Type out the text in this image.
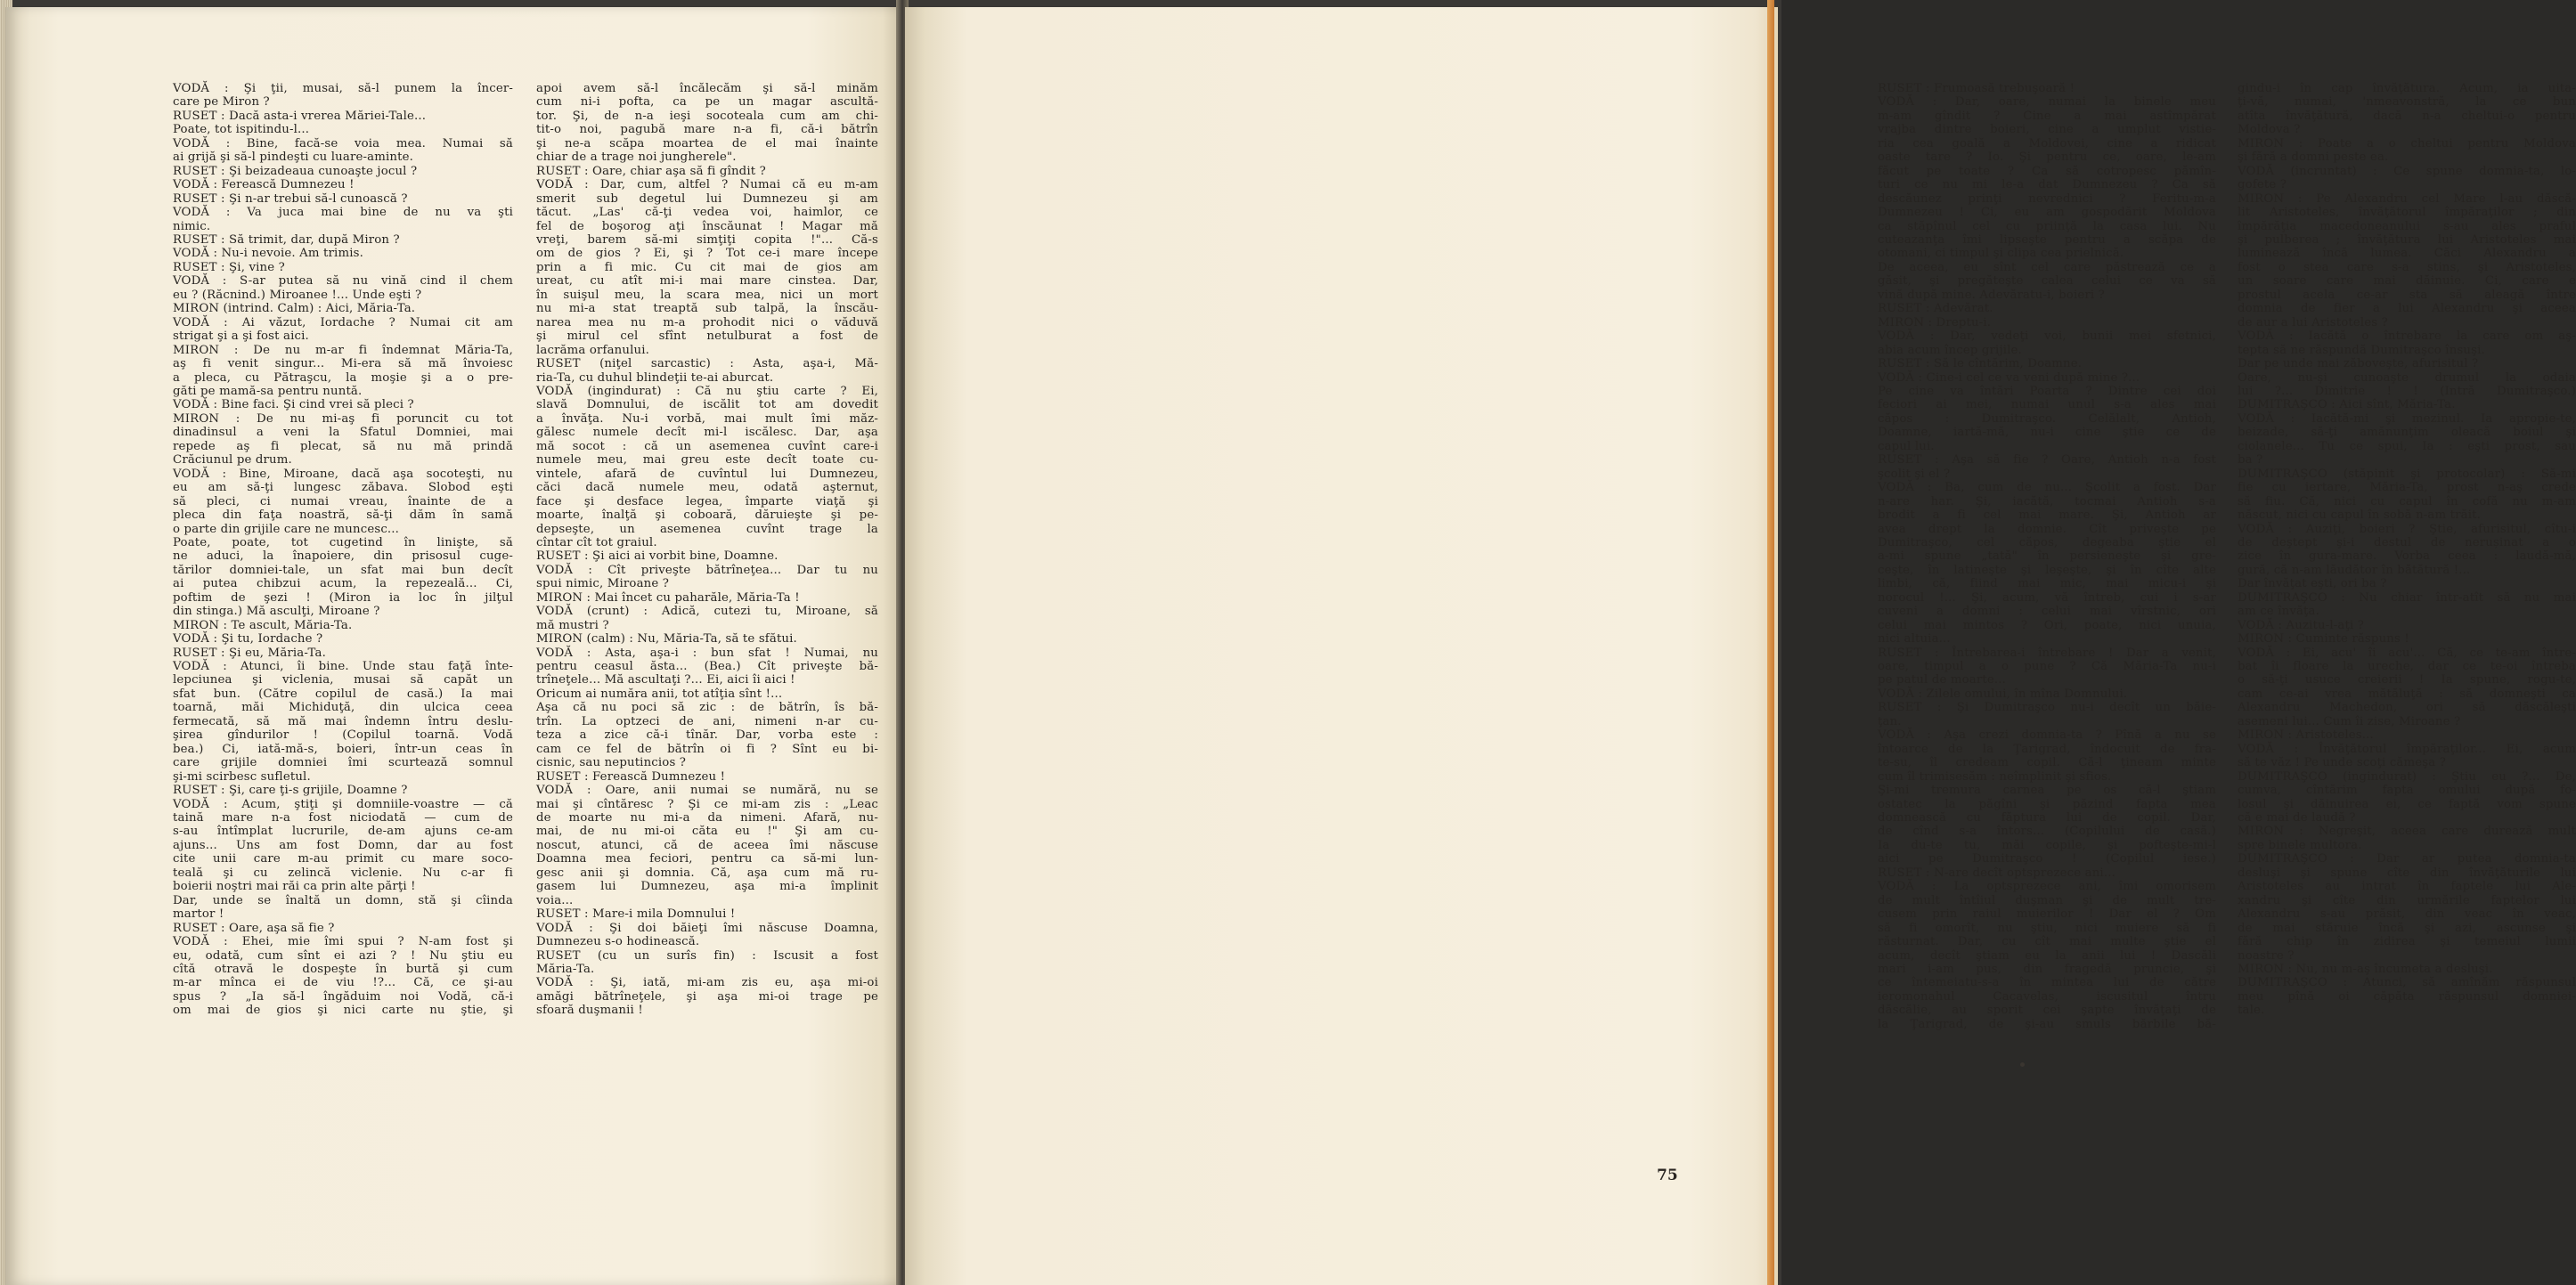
VODĂ : Şi ţii, musai, să-l punem la încer-

care pe Miron ?

RUSET : Dacă asta-i vrerea Măriei-Tale...

Poate, tot ispitindu-l...

VODĂ : Bine, facă-se voia mea. Numai să

ai grijă şi să-l pindeşti cu luare-aminte.

RUSET : Şi beizadeaua cunoaşte jocul ?

VODĂ : Ferească Dumnezeu !

RUSET : Şi n-ar trebui să-l cunoască ?

VODĂ : Va juca mai bine de nu va şti

nimic.

RUSET : Să trimit, dar, după Miron ?

VODĂ : Nu-i nevoie. Am trimis.

RUSET : Şi, vine ?

VODĂ : S-ar putea să nu vină cind il chem

eu ? (Răcnind.) Miroanee !... Unde eşti ?

MIRON (intrind. Calm) : Aici, Măria-Ta.

VODĂ : Ai văzut, Iordache ? Numai cit am

strigat şi a şi fost aici.

MIRON : De nu m-ar fi îndemnat Măria-Ta,

aş fi venit singur... Mi-era să mă învoiesc

a pleca, cu Pătraşcu, la moşie şi a o pre-

găti pe mamă-sa pentru nuntă.

VODĂ : Bine faci. Şi cind vrei să pleci ?

MIRON : De nu mi-aş fi poruncit cu tot

dinadinsul a veni la Sfatul Domniei, mai

repede aş fi plecat, să nu mă prindă

Crăciunul pe drum.

VODĂ : Bine, Miroane, dacă aşa socoteşti, nu

eu am să-ţi lungesc zăbava. Slobod eşti

să pleci, ci numai vreau, înainte de a

pleca din faţa noastră, să-ţi dăm în samă

o parte din grijile care ne muncesc...

Poate, poate, tot cugetind în linişte, să

ne aduci, la înapoiere, din prisosul cuge-

tărilor domniei-tale, un sfat mai bun decît

ai putea chibzui acum, la repezeală... Ci,

poftim de şezi ! (Miron ia loc în jilţul

din stinga.) Mă asculţi, Miroane ?

MIRON : Te ascult, Măria-Ta.

VODĂ : Şi tu, Iordache ?

RUSET : Şi eu, Măria-Ta.

VODĂ : Atunci, îi bine. Unde stau faţă înte-

lepciunea şi viclenia, musai să capăt un

sfat bun. (Către copilul de casă.) Ia mai

toarnă, măi Michiduţă, din ulcica ceea

fermecată, să mă mai îndemn întru deslu-

şirea gîndurilor ! (Copilul toarnă. Vodă

bea.) Ci, iată-mă-s, boieri, într-un ceas în

care grijile domniei îmi scurtează somnul

şi-mi scirbesc sufletul.

RUSET : Şi, care ţi-s grijile, Doamne ?

VODĂ : Acum, ştiţi şi domniile-voastre — că

taină mare n-a fost niciodată — cum de

s-au întîmplat lucrurile, de-am ajuns ce-am

ajuns... Uns am fost Domn, dar au fost

cite unii care m-au primit cu mare soco-

teală şi cu zelincă viclenie. Nu c-ar fi

boierii noştri mai răi ca prin alte părţi !

Dar, unde se înaltă un domn, stă şi cîinda

martor !

RUSET : Oare, aşa să fie ?

VODĂ : Ehei, mie îmi spui ? N-am fost şi

eu, odată, cum sînt ei azi ? ! Nu ştiu eu

cîtă otravă le dospeşte în burtă şi cum

m-ar mînca ei de viu !?... Că, ce şi-au

spus ? „Ia să-l îngăduim noi Vodă, că-i

om mai de gios şi nici carte nu ştie, şi

apoi avem să-l încălecăm şi să-l minăm

cum ni-i pofta, ca pe un magar ascultă-

tor. Şi, de n-a ieşi socoteala cum am chi-

tit-o noi, pagubă mare n-a fi, că-i bătrîn

şi ne-a scăpa moartea de el mai înainte

chiar de a trage noi jungherele".

RUSET : Oare, chiar aşa să fi gîndit ?

VODĂ : Dar, cum, altfel ? Numai că eu m-am

smerit sub degetul lui Dumnezeu şi am

tăcut. „Las' că-ţi vedea voi, haimlor, ce

fel de boşorog aţi înscăunat ! Magar mă

vreţi, barem să-mi simţiţi copita !"... Că-s

om de gios ? Ei, şi ? Tot ce-i mare începe

prin a fi mic. Cu cit mai de gios am

ureat, cu atît mi-i mai mare cinstea. Dar,

în suişul meu, la scara mea, nici un mort

nu mi-a stat treaptă sub talpă, la înscău-

narea mea nu m-a prohodit nici o văduvă

şi mirul cel sfînt netulburat a fost de

lacrăma orfanului.

RUSET (niţel sarcastic) : Asta, aşa-i, Mă-

ria-Ta, cu duhul blindeţii te-ai aburcat.

VODĂ (ingindurat) : Că nu ştiu carte ? Ei,

slavă Domnului, de iscălit tot am dovedit

a învăţa. Nu-i vorbă, mai mult îmi măz-

gălesc numele decît mi-l iscălesc. Dar, aşa

mă socot : că un asemenea cuvînt care-i

numele meu, mai greu este decît toate cu-

vintele, afară de cuvîntul lui Dumnezeu,

căci dacă numele meu, odată aşternut,

face şi desface legea, împarte viaţă şi

moarte, înalţă şi coboară, dăruieşte şi pe-

depseşte, un asemenea cuvînt trage la

cîntar cît tot graiul.

RUSET : Şi aici ai vorbit bine, Doamne.

VODĂ : Cît priveşte bătrîneţea... Dar tu nu

spui nimic, Miroane ?

MIRON : Mai încet cu paharăle, Măria-Ta !

VODĂ (crunt) : Adică, cutezi tu, Miroane, să

mă mustri ?

MIRON (calm) : Nu, Măria-Ta, să te sfătui.

VODĂ : Asta, aşa-i : bun sfat ! Numai, nu

pentru ceasul ăsta... (Bea.) Cît priveşte bă-

trîneţele... Mă ascultaţi ?... Ei, aici îi aici !

Oricum ai număra anii, tot atîţia sînt !...

Aşa că nu poci să zic : de bătrîn, îs bă-

trîn. La optzeci de ani, nimeni n-ar cu-

teza a zice că-i tînăr. Dar, vorba este :

cam ce fel de bătrîn oi fi ? Sînt eu bi-

cisnic, sau neputincios ?

RUSET : Ferească Dumnezeu !

VODĂ : Oare, anii numai se numără, nu se

mai şi cîntăresc ? Şi ce mi-am zis : „Leac

de moarte nu mi-a da nimeni. Afară, nu-

mai, de nu mi-oi căta eu !" Şi am cu-

noscut, atunci, că de aceea îmi născuse

Doamna mea feciori, pentru ca să-mi lun-

gesc anii şi domnia. Că, aşa cum mă ru-

gasem lui Dumnezeu, aşa mi-a împlinit

voia...

RUSET : Mare-i mila Domnului !

VODĂ : Şi doi băieţi îmi născuse Doamna,

Dumnezeu s-o hodinească.

RUSET (cu un surîs fin) : Iscusit a fost

Măria-Ta.

VODĂ : Şi, iată, mi-am zis eu, aşa mi-oi

amăgi bătrîneţele, şi aşa mi-oi trage pe

sfoară duşmanii !

RUSET : Frumoasă trebuşoară !

VODĂ : Dar, oare, numai la binele meu

m-am gîndit ? Cine a mai astîmpărat

vrajba dintre boieri, cine a umplut vistie-

ria cea goală a Moldovei, cine a ridicat

oaste tare ? Io. Şi pentru ce, oare, le-am

făcut pe toate ? Ca să cotropesc pămîn-

turi ce nu mi le-a dat Dumnezeu ? Ca să

descăunez prinţi nevrednici ? Feritu-m-a

Dumnezeu ! Ci, eu am gospodărit Moldova

ca stăpînul cel cu priinţă la casa lui. Nu

cuteazanţa îmi lipseşte pentru a scăpa de

otomani, ci timpul şi clipa cea prielnică.

De aceea, eu sînt cel care păstrează ce a

găsit, şi pregăteşte calea celui ce va să

vină după mine. Adevăratu-i, boieri ?

RUSET : Adevărat.

MIRON : Dreptu-i.

VODĂ : Dar, vedeţi voi, bunii mei sfetnici,

abia acum încep grijile.

RUSET : Să le cîntărim, Doamne.

VODĂ : Cine-i cel ce va veni după mine ?...

Pe cine va întări Poarta ? Dintre cei doi

feciori ai mei, numai unul s-a ales mai

căpos : Dumitraşco. Celălalt, Antioh,

Doamne, iartă-mă, nu-i cine ştie ce de

capul lui.

RUSET : Aşa să fie ? Oare, Antioh n-a fost

şcolit şi el ?

VODĂ : Ba, cum de nu... Şcolit a fost. Dar

n-are har. Şi, iacătă, tocmai Antioh s-a

brodit a fi cel mai mare. Şi, Antioh ar

avea drept la domnie. Cît priveşte pe

Dumitraşco, cel căpos, degeaba ştie el

a-mi spune „tată" în persieneşte şi gre-

ceşte, în latineşte şi leşeşte, şi în cîte alte

limbi, că, fiind mai mic, mai micu-i şi

norocul !... Şi, acum, vă întreb, cui i s-ar

cuveni a domni : celui mai vîrstnic, ori

celui mai mintos ? Ori, poate, nici unuia,

nici altuia...

RUSET : Întrebarea-i întrebare ! Dar a venit,

oare, timpul a o pune ? Că Măria-Ta nu-i

pe patul de moarte...

VODĂ : Zilele omului, în mîna Domnului.

RUSET : Şi Dumitraşco nu-i decît un băie-

ţan.

VODĂ : Aşa crezi domnia-ta ? Pînă a nu se

întoarce de la Ţarigrad, îndocuit de fra-

te-su, îl credeam copil. Că-l ţineam minte

cum îl trimisesăm : neîmplinit şi sfios.

Şi-mi tremura carnea pe os că-l ştiam

ostatec la păgîni şi păzind fapta mea

domnească cu făptura lui de copil. Dar,

de cînd s-a întors... (Copilului de casă.)

Ia du-te tu, măi copile, şi pofteşte-mi-l

aici pe Dumitraşco ! (Copilul iese.)

RUSET : N-are decît optsprezece ani...

VODĂ : La optsprezece ani, îmi omorisem

de mult întîiul duşman şi de mult tre-

cusem prin raiul muierilor ! Dar el ? Om

să fi omorît, nu ştiu, nici muiere să fi

răsturnat. Dar, cu cît mai multe ştie el

acum, decît ştiam eu la anii lui ! Dascăli

mari i-am pus, din fragedă pruncie, şi

ce întemeiatu-s-a în mintea lui de către

ieromonahul Cacavelas, iscusitul întru

dăscălie, au sporit cei şapte învăţaţi de

la Ţarigrad, de şi-au smuls bărbile bă-

gindu-i în cap învăţătura. Acum, ia uita-

ţi-vă, numai, 'nmeavonstră, la ce bun

atîta învăţătură, dacă n-a cheltui-o pentru

Moldova ?

MIRON : Poate a o cheltui pentru Moldova

şi fără a domni peste ea.

VODĂ (incruntat) : Ce spune domnia-ta, lo-

gofete ?

MIRON : Pe Alexandru cel Mare l-au dăscă-

lit Aristoteles, învăţătorul împăraţilor ; din

împărăţia macedoneanului s-au ales praful

şi pulberea ; învăţătura lui Aristoteles mai

luminează încă lumea. Căci Alexandru a

fost o stea care s-a stins, şi Aristoteles,

un soare care mai dăinuie. Ci, care e

prostul acela ce-ar sta să aleagă între

domnia de fier a lui Alexandru şi aceea

de aur a lui Aristoteles ?

VODĂ : Iacătă o întrebare la care om aş-

tepta să ne răspundă Dumitraşco însuşi.

Dar pe unde mai zăboveşte, afurisitul ?

Oare, nu-şi cunoaşte drumul la odaia

lui ?... Dimitrie ! ! (Intră Dumitraşco.)

DUMITRAŞCO : Aici sînt, Măria-Ta.

VODĂ : Iacătă-mi şi mezinul. Ia apropie-te,

beizade, să-ţi amănunţim oleacă boiul şi

ciolanele... Tu ce spui, Ia : eşti prost, sau

ba ?

DUMITRAŞCO (stăpinit şi protocolar) : Să-mi

fie cu iertare, Măria-Ta, prost n-aş crede

să fiu. Că, nici cu capul în cofă nu m-am

născut, nici cu capul în sobă n-am trăit.

VODĂ : Auziţi, boieri ? Ştie, afurisitul, cîtu-i

de deştept şi-i destul de nerușinat a o

zice în gura-mare. Vorba ceea : laudă-mă,

gură, că n-am lăudător în bătătură !...

Dar învăţat eşti, ori ba ?

DUMITRAŞCO : Nu chiar într-atît să nu mai

am ce învăţa.

VODĂ : Auzitu-l-aţi ?

MIRON : Cuminte răspuns !

VODĂ : Ei, acu' îi acu'... Că, ce te-am între-

bat îi floare la ureche, dar ce te-oi întreba

o să-ţi usuce creierii ! Ia spune, rogu-te,

cam ce-ai vrea mătăluţă : să domneşti ca

Alexandru Machedon, ori să dăscăleşti

asemeni lui... Cum îi zise, Miroane ?

MIRON : Aristoteles...

VODĂ : Învăţătorul împăraţilor... Ei, acum

să te văz ! Pe unde scoţi cămeşa ?

DUMITRAŞCO (ingindurat) : Ştiu eu ?... De,

cumva, cîntărim fapta omului după fo-

losul şi dăinuirea ei, ce faptă vom spune

că e mai de laudă ?

MIRON : Negreşit, aceea care durează mult

spre binele multora.

DUMITRAŞCO : Dar ar putea domnia-ta

desluşi şi spune cîte din învăţăturile lui

Aristoteles au intrat în faptele lui Ale-

xandru şi cîte din urmările faptelor lui

Alexandru s-au prăsit, din veac în veac,

de mai stăruie încă şi azi, ascunse şi

fără chip în zidirea şi temeiul lumii

noastre ?

MIRON : Nu, nu m-aş încumeta a desluşi.

DUMITRAŞCO : Atunci, să amînăm răspunsul

meu pînă oi căpăta răspunsul domniei-

tale.

75
